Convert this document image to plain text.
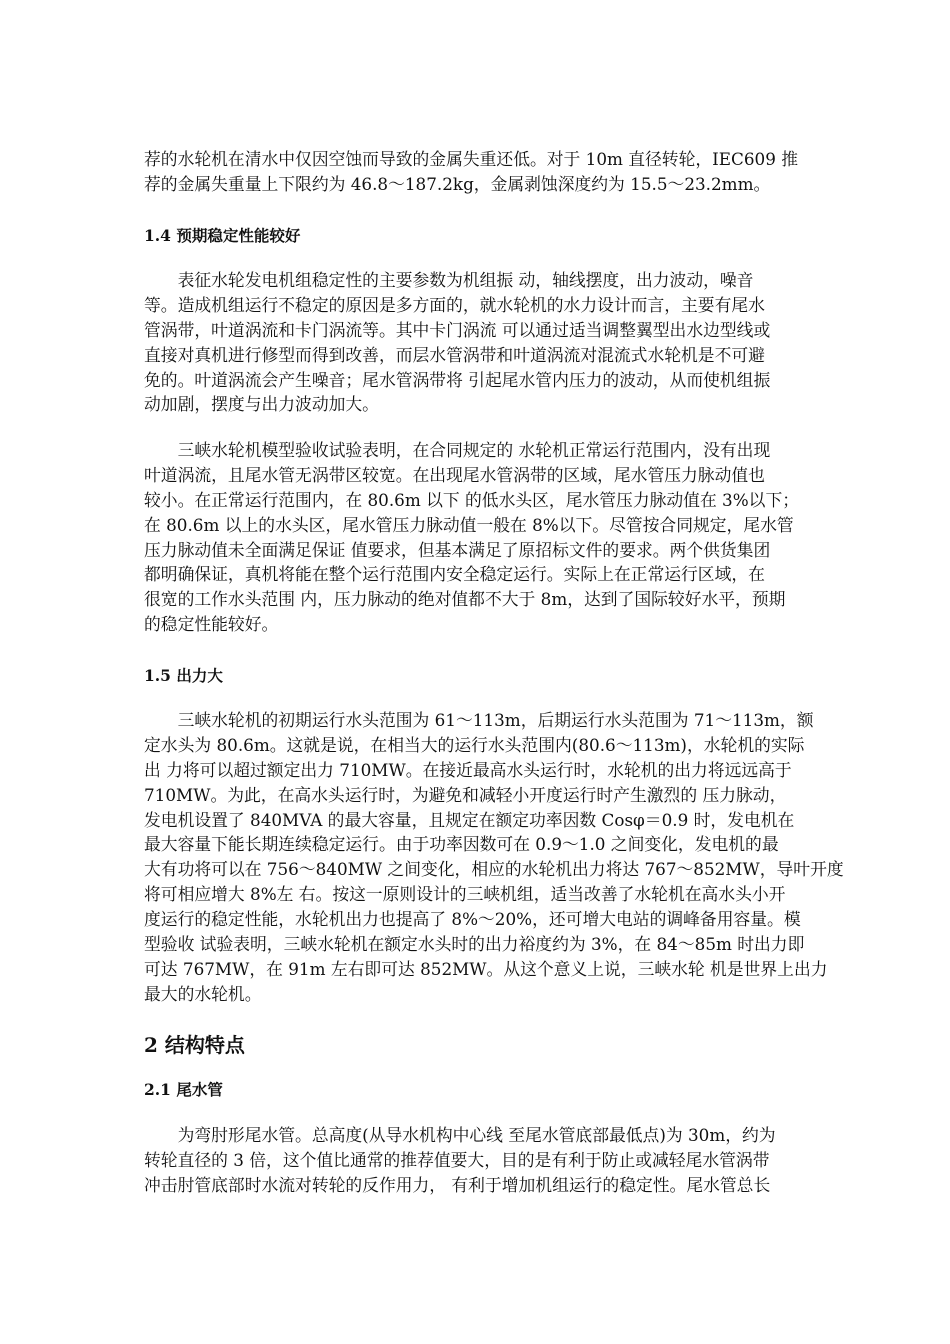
荐的水轮机在清水中仅因空蚀而导致的金属失重还低。对于 10m 直径转轮，IEC609 推
荐的金属失重量上下限约为 46.8～187.2kg，金属剥蚀深度约为 15.5～23.2mm。
1.4 预期稳定性能较好
　　表征水轮发电机组稳定性的主要参数为机组振 动，轴线摆度，出力波动，噪音
等。造成机组运行不稳定的原因是多方面的，就水轮机的水力设计而言，主要有尾水
管涡带，叶道涡流和卡门涡流等。其中卡门涡流 可以通过适当调整翼型出水边型线或
直接对真机进行修型而得到改善，而层水管涡带和叶道涡流对混流式水轮机是不可避
免的。叶道涡流会产生噪音；尾水管涡带将 引起尾水管内压力的波动，从而使机组振
动加剧，摆度与出力波动加大。
　　三峡水轮机模型验收试验表明，在合同规定的 水轮机正常运行范围内，没有出现
叶道涡流，且尾水管无涡带区较宽。在出现尾水管涡带的区域，尾水管压力脉动值也
较小。在正常运行范围内，在 80.6m 以下 的低水头区，尾水管压力脉动值在 3%以下；
在 80.6m 以上的水头区，尾水管压力脉动值一般在 8%以下。尽管按合同规定，尾水管
压力脉动值未全面满足保证 值要求，但基本满足了原招标文件的要求。两个供货集团
都明确保证，真机将能在整个运行范围内安全稳定运行。实际上在正常运行区域，在
很宽的工作水头范围 内，压力脉动的绝对值都不大于 8m，达到了国际较好水平，预期
的稳定性能较好。
1.5 出力大
　　三峡水轮机的初期运行水头范围为 61～113m，后期运行水头范围为 71～113m，额
定水头为 80.6m。这就是说，在相当大的运行水头范围内(80.6～113m)，水轮机的实际
出 力将可以超过额定出力 710MW。在接近最高水头运行时，水轮机的出力将远远高于
710MW。为此，在高水头运行时，为避免和减轻小开度运行时产生激烈的 压力脉动，
发电机设置了 840MVA 的最大容量，且规定在额定功率因数 Cosφ＝0.9 时，发电机在
最大容量下能长期连续稳定运行。由于功率因数可在 0.9～1.0 之间变化，发电机的最
大有功将可以在 756～840MW 之间变化，相应的水轮机出力将达 767～852MW，导叶开度
将可相应增大 8%左 右。按这一原则设计的三峡机组，适当改善了水轮机在高水头小开
度运行的稳定性能，水轮机出力也提高了 8%～20%，还可增大电站的调峰备用容量。模
型验收 试验表明，三峡水轮机在额定水头时的出力裕度约为 3%，在 84～85m 时出力即
可达 767MW，在 91m 左右即可达 852MW。从这个意义上说，三峡水轮 机是世界上出力
最大的水轮机。
2 结构特点
2.1 尾水管
　　为弯肘形尾水管。总高度(从导水机构中心线 至尾水管底部最低点)为 30m，约为
转轮直径的 3 倍，这个值比通常的推荐值要大，目的是有利于防止或减轻尾水管涡带
冲击肘管底部时水流对转轮的反作用力， 有利于增加机组运行的稳定性。尾水管总长
